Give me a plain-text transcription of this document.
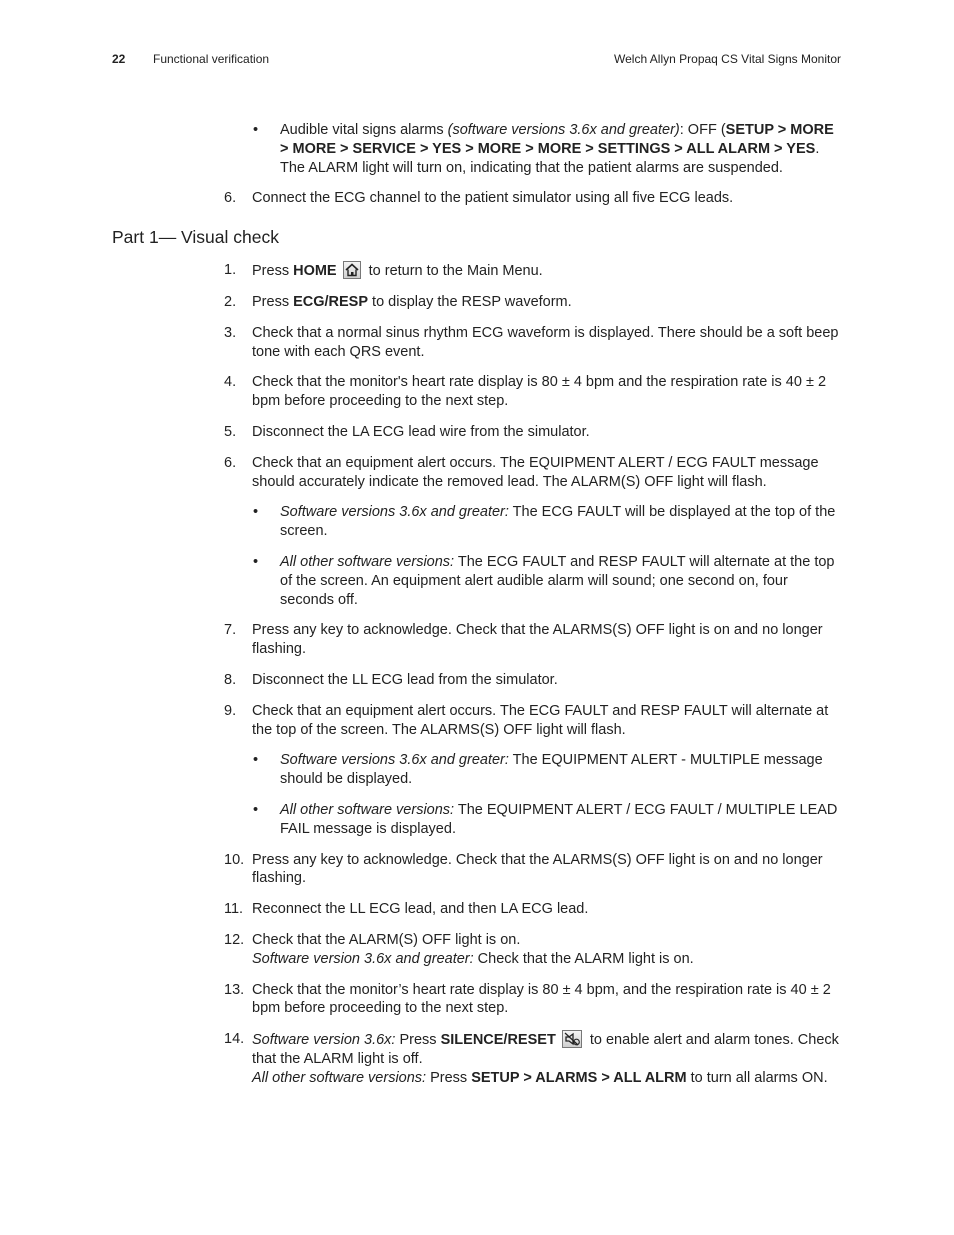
22 Functional verification	Welch Allyn Propaq CS Vital Signs Monitor
• Audible vital signs alarms (software versions 3.6x and greater): OFF (SETUP > MORE > MORE > SERVICE > YES > MORE > MORE > SETTINGS > ALL ALARM > YES. The ALARM light will turn on, indicating that the patient alarms are suspended.
6. Connect the ECG channel to the patient simulator using all five ECG leads.
Part 1— Visual check
1. Press HOME
to return to the Main Menu.
2. Press ECG/RESP to display the RESP waveform.
3. Check that a normal sinus rhythm ECG waveform is displayed. There should be a soft beep tone with each QRS event.
4. Check that the monitor's heart rate display is 80 ± 4 bpm and the respiration rate is 40 ± 2 bpm before proceeding to the next step.
5. Disconnect the LA ECG lead wire from the simulator.
6. Check that an equipment alert occurs. The EQUIPMENT ALERT / ECG FAULT message should accurately indicate the removed lead. The ALARM(S) OFF light will flash.
• Software versions 3.6x and greater: The ECG FAULT will be displayed at the top of the screen.
• All other software versions: The ECG FAULT and RESP FAULT will alternate at the top of the screen. An equipment alert audible alarm will sound; one second on, four seconds off.
7. Press any key to acknowledge. Check that the ALARMS(S) OFF light is on and no longer flashing.
8. Disconnect the LL ECG lead from the simulator.
9. Check that an equipment alert occurs. The ECG FAULT and RESP FAULT will alternate at the top of the screen. The ALARMS(S) OFF light will flash.
• Software versions 3.6x and greater: The EQUIPMENT ALERT - MULTIPLE message should be displayed.
• All other software versions: The EQUIPMENT ALERT / ECG FAULT / MULTIPLE LEAD FAIL message is displayed.
10. Press any key to acknowledge. Check that the ALARMS(S) OFF light is on and no longer flashing.
11. Reconnect the LL ECG lead, and then LA ECG lead.
12. Check that the ALARM(S) OFF light is on.
Software version 3.6x and greater: Check that the ALARM light is on.
13. Check that the monitor’s heart rate display is 80 ± 4 bpm, and the respiration rate is 40 ± 2 bpm before proceeding to the next step.
14. Software version 3.6x: Press SILENCE/RESET
to enable alert and alarm tones. Check that the ALARM light is off.
All other software versions: Press SETUP > ALARMS > ALL ALRM to turn all alarms ON.
